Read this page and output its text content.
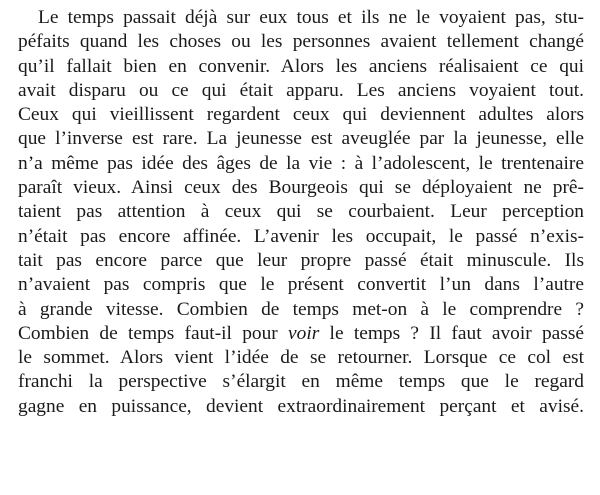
Le temps passait déjà sur eux tous et ils ne le voyaient pas, stu-
péfaits quand les choses ou les personnes avaient tellement changé
qu’il fallait bien en convenir. Alors les anciens réalisaient ce qui
avait disparu ou ce qui était apparu. Les anciens voyaient tout.
Ceux qui vieillissent regardent ceux qui deviennent adultes alors
que l’inverse est rare. La jeunesse est aveuglée par la jeunesse, elle
n’a même pas idée des âges de la vie : à l’adolescent, le trentenaire
paraît vieux. Ainsi ceux des Bourgeois qui se déployaient ne prê-
taient pas attention à ceux qui se courbaient. Leur perception
n’était pas encore affinée. L’avenir les occupait, le passé n’exis-
tait pas encore parce que leur propre passé était minuscule. Ils
n’avaient pas compris que le présent convertit l’un dans l’autre
à grande vitesse. Combien de temps met-on à le comprendre ?
Combien de temps faut-il pour voir le temps ? Il faut avoir passé
le sommet. Alors vient l’idée de se retourner. Lorsque ce col est
franchi la perspective s’élargit en même temps que le regard
gagne en puissance, devient extraordinairement perçant et avisé.
